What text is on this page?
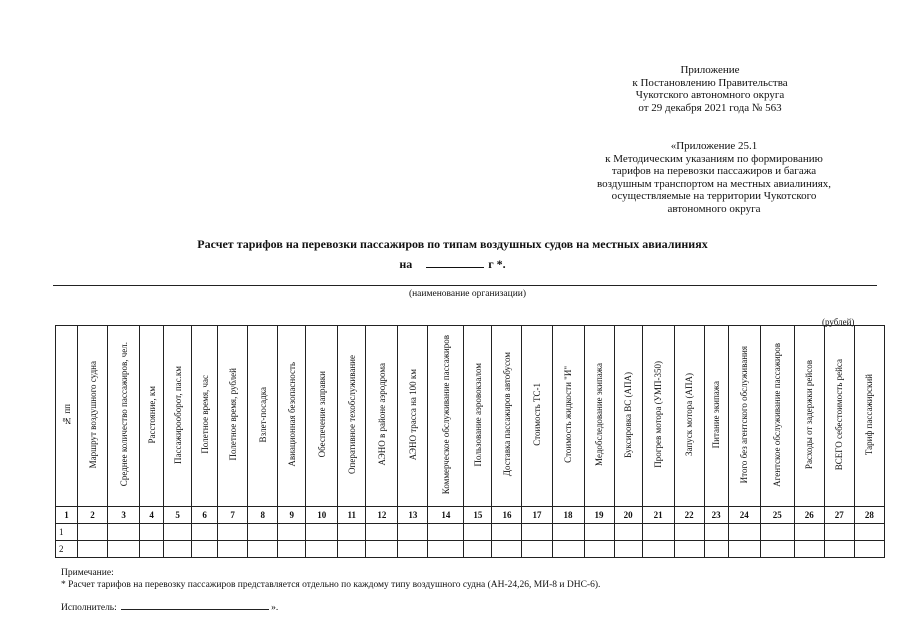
Приложение
к Постановлению Правительства
Чукотского автономного округа
от 29 декабря 2021 года № 563
«Приложение 25.1
к Методическим указаниям по формированию
тарифов на перевозки пассажиров и багажа
воздушным транспортом на местных авиалиниях,
осуществляемые на территории Чукотского
автономного округа
Расчет тарифов на перевозки пассажиров по типам воздушных судов на местных авиалиниях
на	г *.
(наименование организации)
(рублей)
№ пп	Маршрут воздушного судна	Среднее количество пассажиров, чел.	Расстояние, км	Пассажирооборот, пас.км	Полетное время, час	Полетное время, рублей	Взлет-посадка	Авиационная безопасность	Обеспечение заправки	Оперативное техобслуживание	АЭНО в районе аэродрома	АЭНО трасса на 100 км	Коммерческое обслуживание пассажиров	Пользование аэровокзалом	Доставка пассажиров автобусом	Стоимость ТС-1	Стоимость жидкости "И"	Медобследование экипажа	Буксировка ВС (АПА)	Прогрев мотора (УМП-350)	Запуск мотора (АПА)	Питание экипажа	Итого без агентского обслуживания	Агентское обслуживание пассажиров	Расходы от задержки рейсов	ВСЕГО себестоимость рейса	Тариф пассажирский
1	2	3	4	5	6	7	8	9	10	11	12	13	14	15	16	17	18	19	20	21	22	23	24	25	26	27	28
1																											
2																											
Примечание:
* Расчет тарифов на перевозку пассажиров представляется отдельно по каждому типу воздушного судна (АН-24,26, МИ-8 и DHC-6).
Исполнитель:	».
